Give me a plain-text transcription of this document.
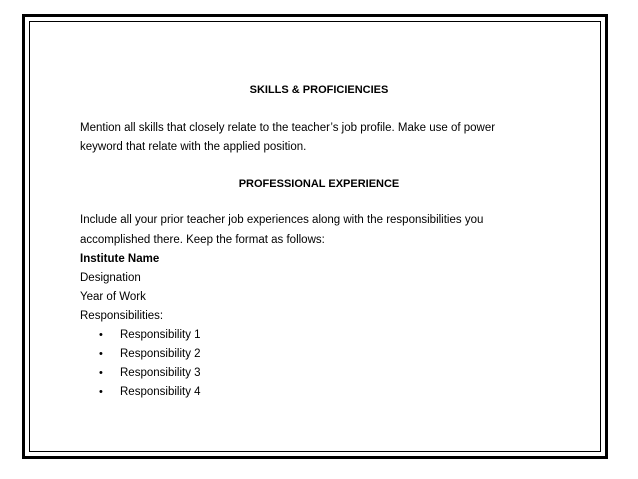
SKILLS & PROFICIENCIES
Mention all skills that closely relate to the teacher’s job profile. Make use of power
keyword that relate with the applied position.
PROFESSIONAL EXPERIENCE
Include all your prior teacher job experiences along with the responsibilities you
accomplished there. Keep the format as follows:
Institute Name
Designation
Year of Work
Responsibilities:
• Responsibility 1
• Responsibility 2
• Responsibility 3
• Responsibility 4
